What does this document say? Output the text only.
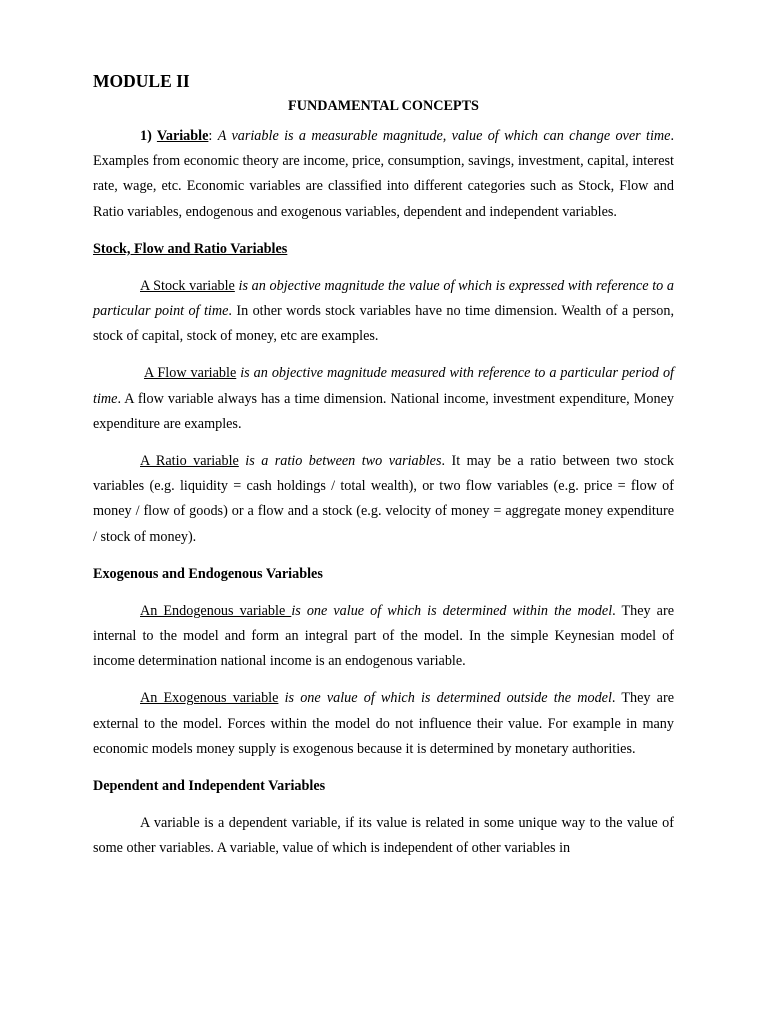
MODULE II
FUNDAMENTAL CONCEPTS

1) Variable: A variable is a measurable magnitude, value of which can change over time. Examples from economic theory are income, price, consumption, savings, investment, capital, interest rate, wage, etc. Economic variables are classified into different categories such as Stock, Flow and Ratio variables, endogenous and exogenous variables, dependent and independent variables.

Stock, Flow and Ratio Variables

A Stock variable is an objective magnitude the value of which is expressed with reference to a particular point of time. In other words stock variables have no time dimension. Wealth of a person, stock of capital, stock of money, etc are examples.

A Flow variable is an objective magnitude measured with reference to a particular period of time. A flow variable always has a time dimension. National income, investment expenditure, Money expenditure are examples.

A Ratio variable is a ratio between two variables. It may be a ratio between two stock variables (e.g. liquidity = cash holdings / total wealth), or two flow variables (e.g. price = flow of money / flow of goods) or a flow and a stock (e.g. velocity of money = aggregate money expenditure / stock of money).

Exogenous and Endogenous Variables

An Endogenous variable is one value of which is determined within the model. They are internal to the model and form an integral part of the model. In the simple Keynesian model of income determination national income is an endogenous variable.

An Exogenous variable is one value of which is determined outside the model. They are external to the model. Forces within the model do not influence their value. For example in many economic models money supply is exogenous because it is determined by monetary authorities.

Dependent and Independent Variables

A variable is a dependent variable, if its value is related in some unique way to the value of some other variables. A variable, value of which is independent of other variables in
